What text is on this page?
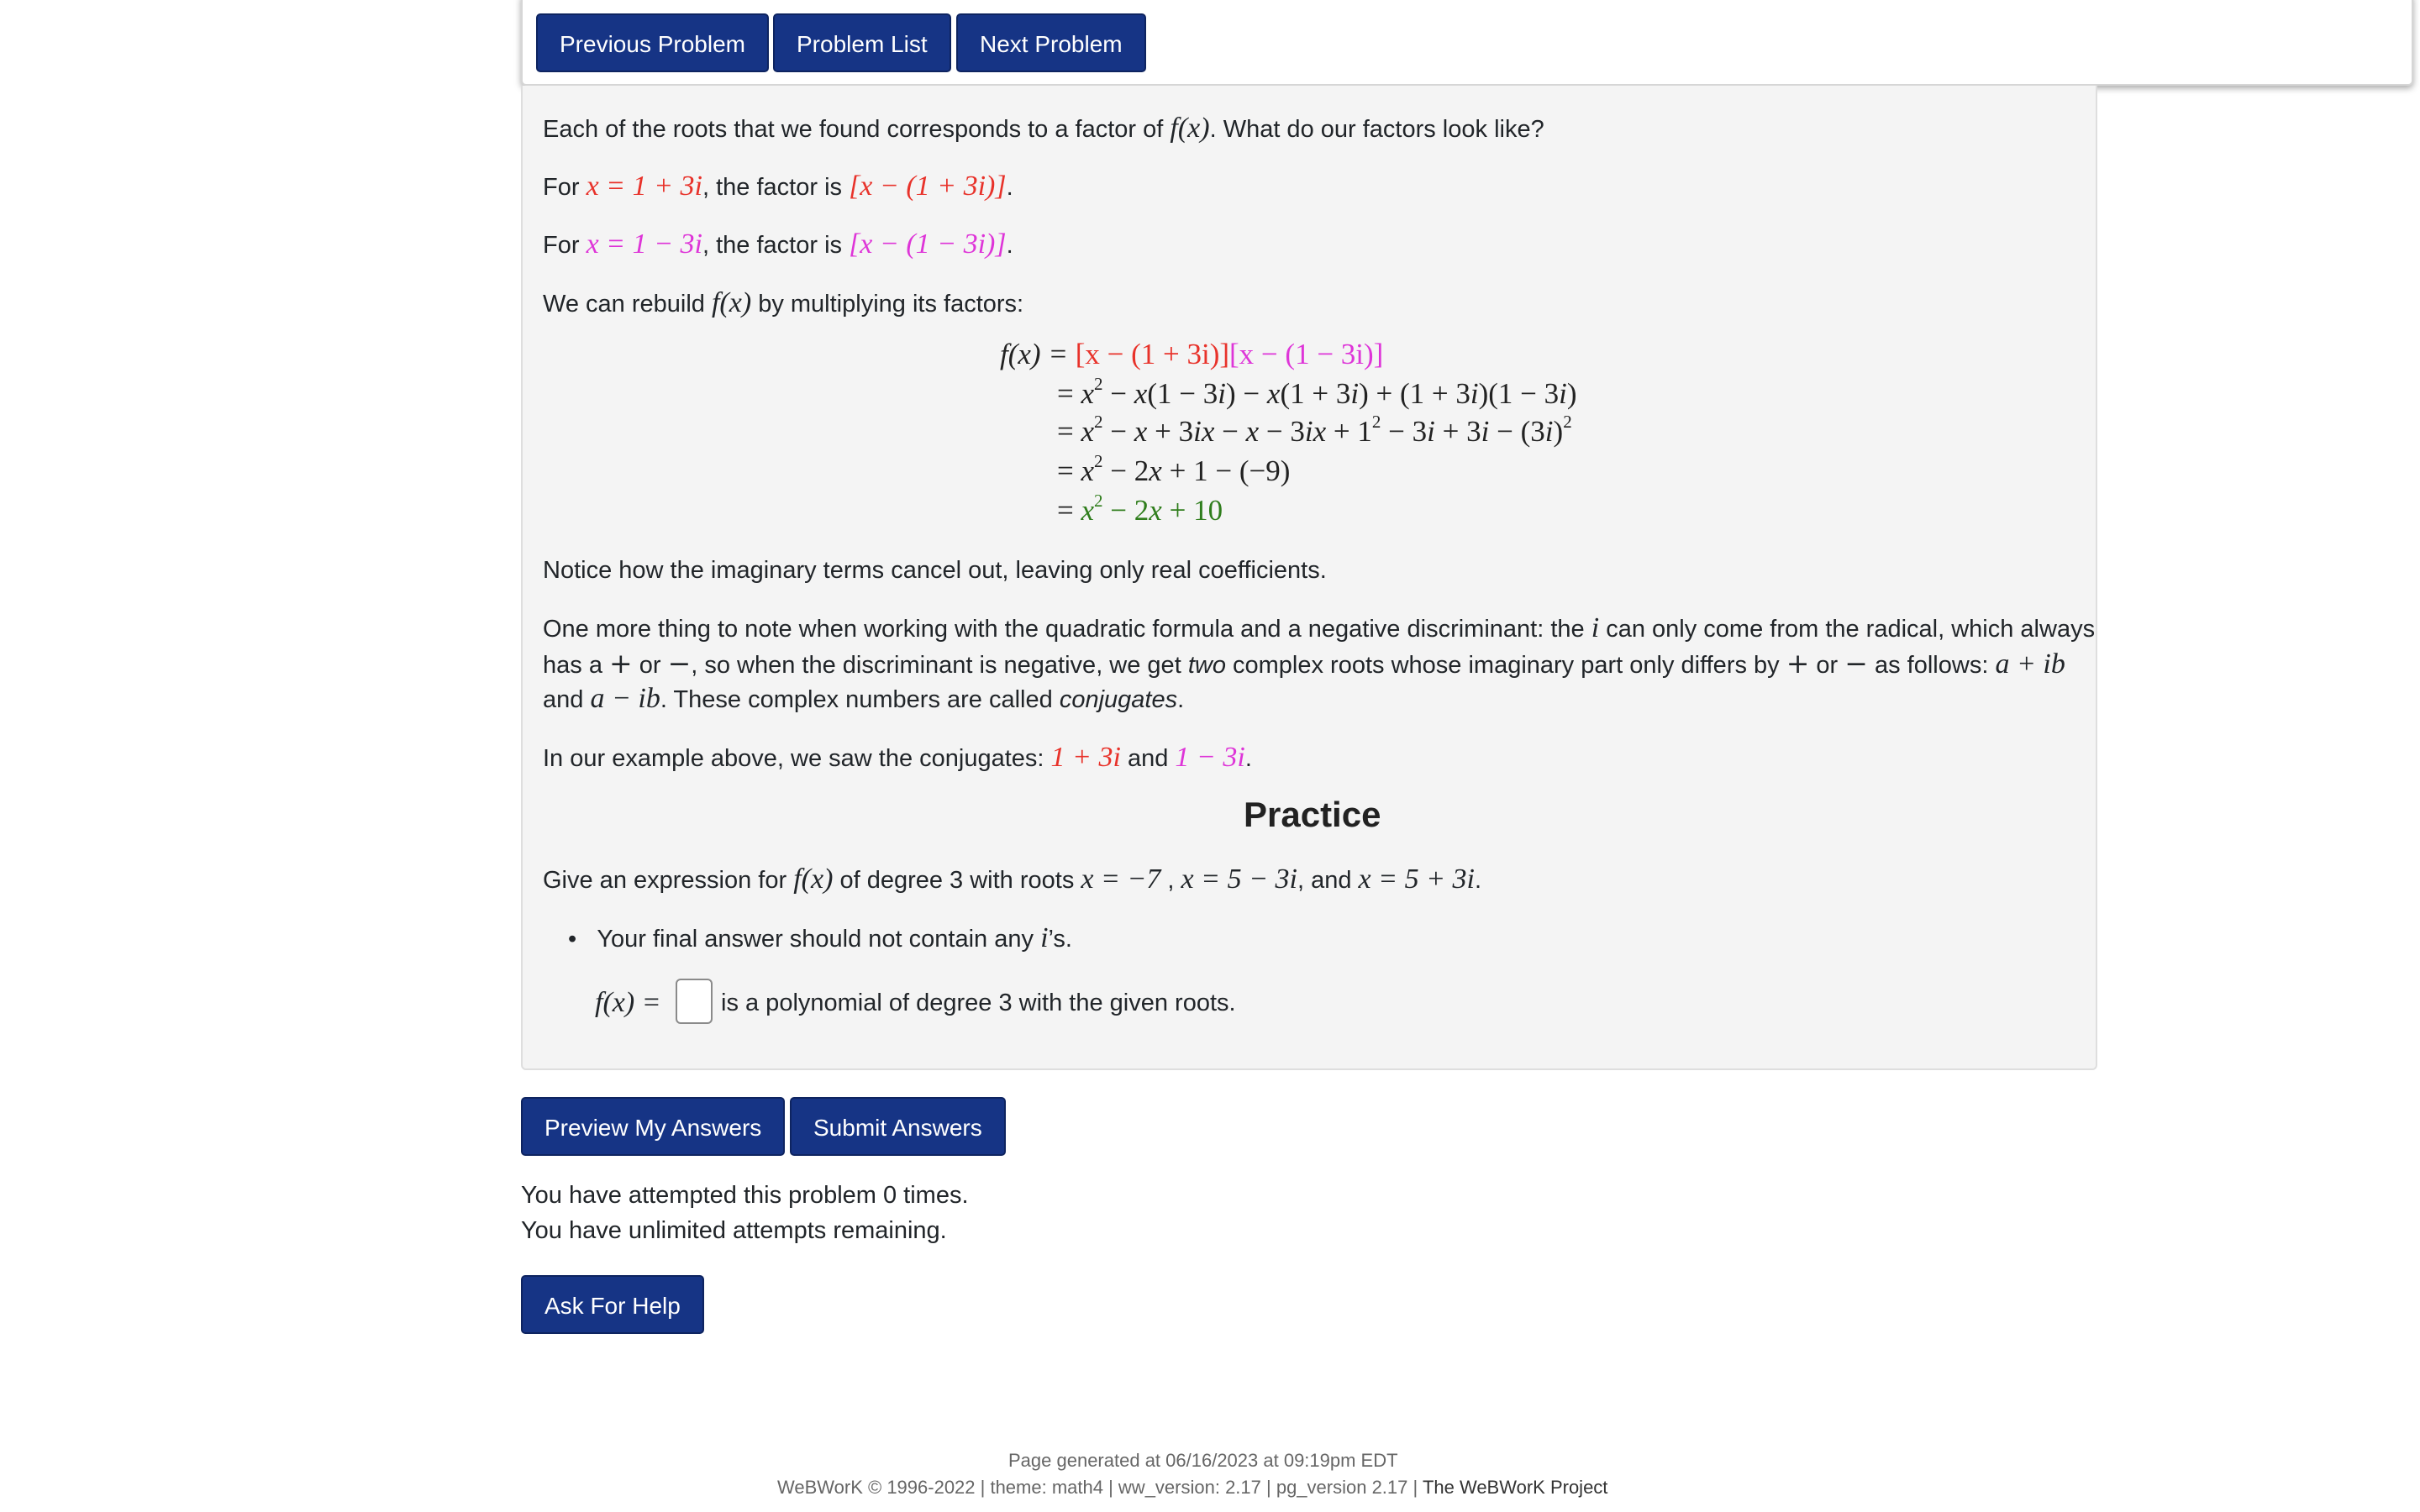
Previous Problem	Problem List	Next Problem
Each of the roots that we found corresponds to a factor of f(x). What do our factors look like?
For x = 1 + 3i, the factor is [x − (1 + 3i)].
For x = 1 − 3i, the factor is [x − (1 − 3i)].
We can rebuild f(x) by multiplying its factors:
f(x) = [x − (1 + 3i)][x − (1 − 3i)]
= $x^2 - x(1 - 3i) - x(1 + 3i) + (1 + 3i)(1 - 3i)$
= $x^2 - x + 3ix - x - 3ix + 1^2 - 3i + 3i - (3i)^2$
= $x^2 - 2x + 1 - (-9)$
= $x^2 - 2x + 10$
Notice how the imaginary terms cancel out, leaving only real coefficients.
One more thing to note when working with the quadratic formula and a negative discriminant: the i can only come from the radical, which always
has a + or −, so when the discriminant is negative, we get two complex roots whose imaginary part only differs by + or − as follows: a + ib
and a − ib. These complex numbers are called conjugates.
In our example above, we saw the conjugates: 1 + 3i and 1 − 3i.
Practice
Give an expression for f(x) of degree 3 with roots x = −7 , x = 5 − 3i, and x = 5 + 3i.
•   Your final answer should not contain any i’s.
f(x) = is a polynomial of degree 3 with the given roots.
Preview My Answers	Submit Answers
You have attempted this problem 0 times.
You have unlimited attempts remaining.
Ask For Help
Page generated at 06/16/2023 at 09:19pm EDT
WeBWorK © 1996-2022 | theme: math4 | ww_version: 2.17 | pg_version 2.17 | The WeBWorK Project
